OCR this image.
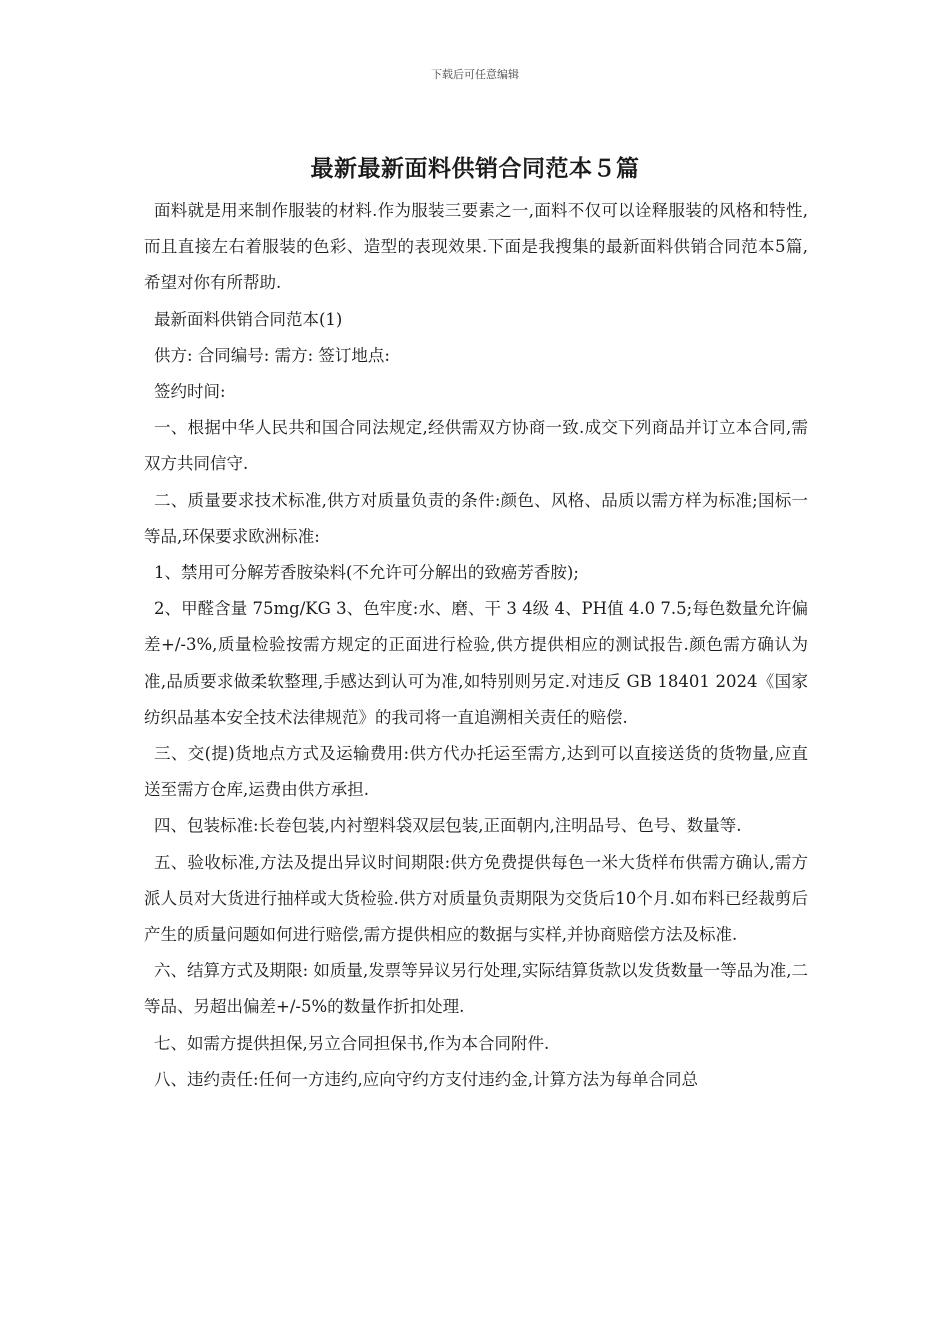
下载后可任意编辑
最新最新面料供销合同范本５篇

面料就是用来制作服装的材料.作为服装三要素之一,面料不仅可以诠释服装的风格和特性,而且直接左右着服装的色彩、造型的表现效果.下面是我搜集的最新面料供销合同范本5篇,希望对你有所帮助.

最新面料供销合同范本(1)

供方: 合同编号: 需方: 签订地点:

签约时间:

一、根据中华人民共和国合同法规定,经供需双方协商一致.成交下列商品并订立本合同,需双方共同信守.

二、质量要求技术标准,供方对质量负责的条件:颜色、风格、品质以需方样为标准;国标一等品,环保要求欧洲标准:

1、禁用可分解芳香胺染料(不允许可分解出的致癌芳香胺);

2、甲醛含量 75mg/KG 3、色牢度:水、磨、干 3 4级 4、PH值 4.0 7.5;每色数量允许偏差+/-3%,质量检验按需方规定的正面进行检验,供方提供相应的测试报告.颜色需方确认为准,品质要求做柔软整理,手感达到认可为准,如特别则另定.对违反 GB 18401 2024《国家纺织品基本安全技术法律规范》的我司将一直追溯相关责任的赔偿.

三、交(提)货地点方式及运输费用:供方代办托运至需方,达到可以直接送货的货物量,应直送至需方仓库,运费由供方承担.

四、包装标准:长卷包装,内衬塑料袋双层包装,正面朝内,注明品号、色号、数量等.

五、验收标准,方法及提出异议时间期限:供方免费提供每色一米大货样布供需方确认,需方派人员对大货进行抽样或大货检验.供方对质量负责期限为交货后10个月.如布料已经裁剪后产生的质量问题如何进行赔偿,需方提供相应的数据与实样,并协商赔偿方法及标准.

六、结算方式及期限: 如质量,发票等异议另行处理,实际结算货款以发货数量一等品为准,二等品、另超出偏差+/-5%的数量作折扣处理.

七、如需方提供担保,另立合同担保书,作为本合同附件.

八、违约责任:任何一方违约,应向守约方支付违约金,计算方法为每单合同总
